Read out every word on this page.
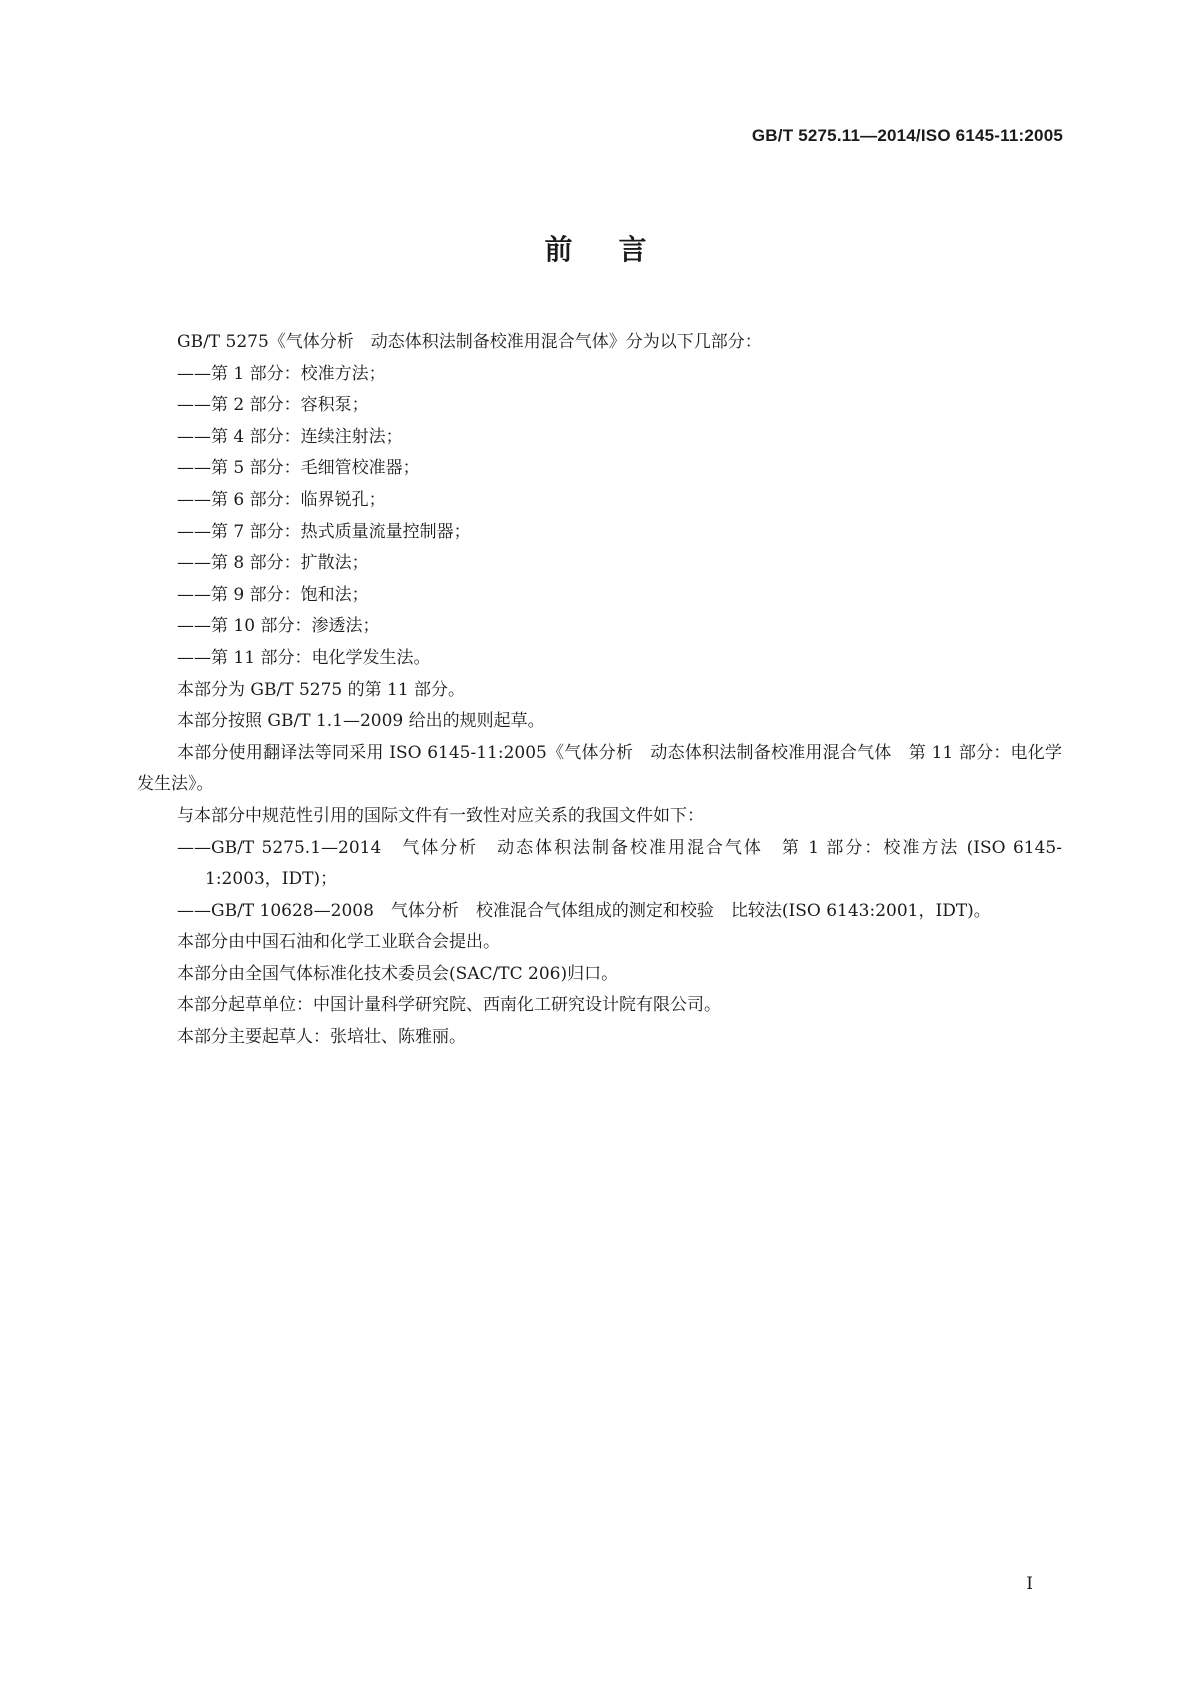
GB/T 5275.11—2014/ISO 6145-11:2005
前言

GB/T 5275《气体分析　动态体积法制备校准用混合气体》分为以下几部分：

——第 1 部分：校准方法；

——第 2 部分：容积泵；

——第 4 部分：连续注射法；

——第 5 部分：毛细管校准器；

——第 6 部分：临界锐孔；

——第 7 部分：热式质量流量控制器；

——第 8 部分：扩散法；

——第 9 部分：饱和法；

——第 10 部分：渗透法；

——第 11 部分：电化学发生法。

本部分为 GB/T 5275 的第 11 部分。

本部分按照 GB/T 1.1—2009 给出的规则起草。

本部分使用翻译法等同采用 ISO 6145-11:2005《气体分析　动态体积法制备校准用混合气体　第 11 部分：电化学发生法》。

与本部分中规范性引用的国际文件有一致性对应关系的我国文件如下：

——GB/T 5275.1—2014　气体分析　动态体积法制备校准用混合气体　第 1 部分：校准方法 (ISO 6145-1:2003，IDT)；

——GB/T 10628—2008　气体分析　校准混合气体组成的测定和校验　比较法(ISO 6143:2001，IDT)。

本部分由中国石油和化学工业联合会提出。

本部分由全国气体标准化技术委员会(SAC/TC 206)归口。

本部分起草单位：中国计量科学研究院、西南化工研究设计院有限公司。

本部分主要起草人：张培壮、陈雅丽。

I
